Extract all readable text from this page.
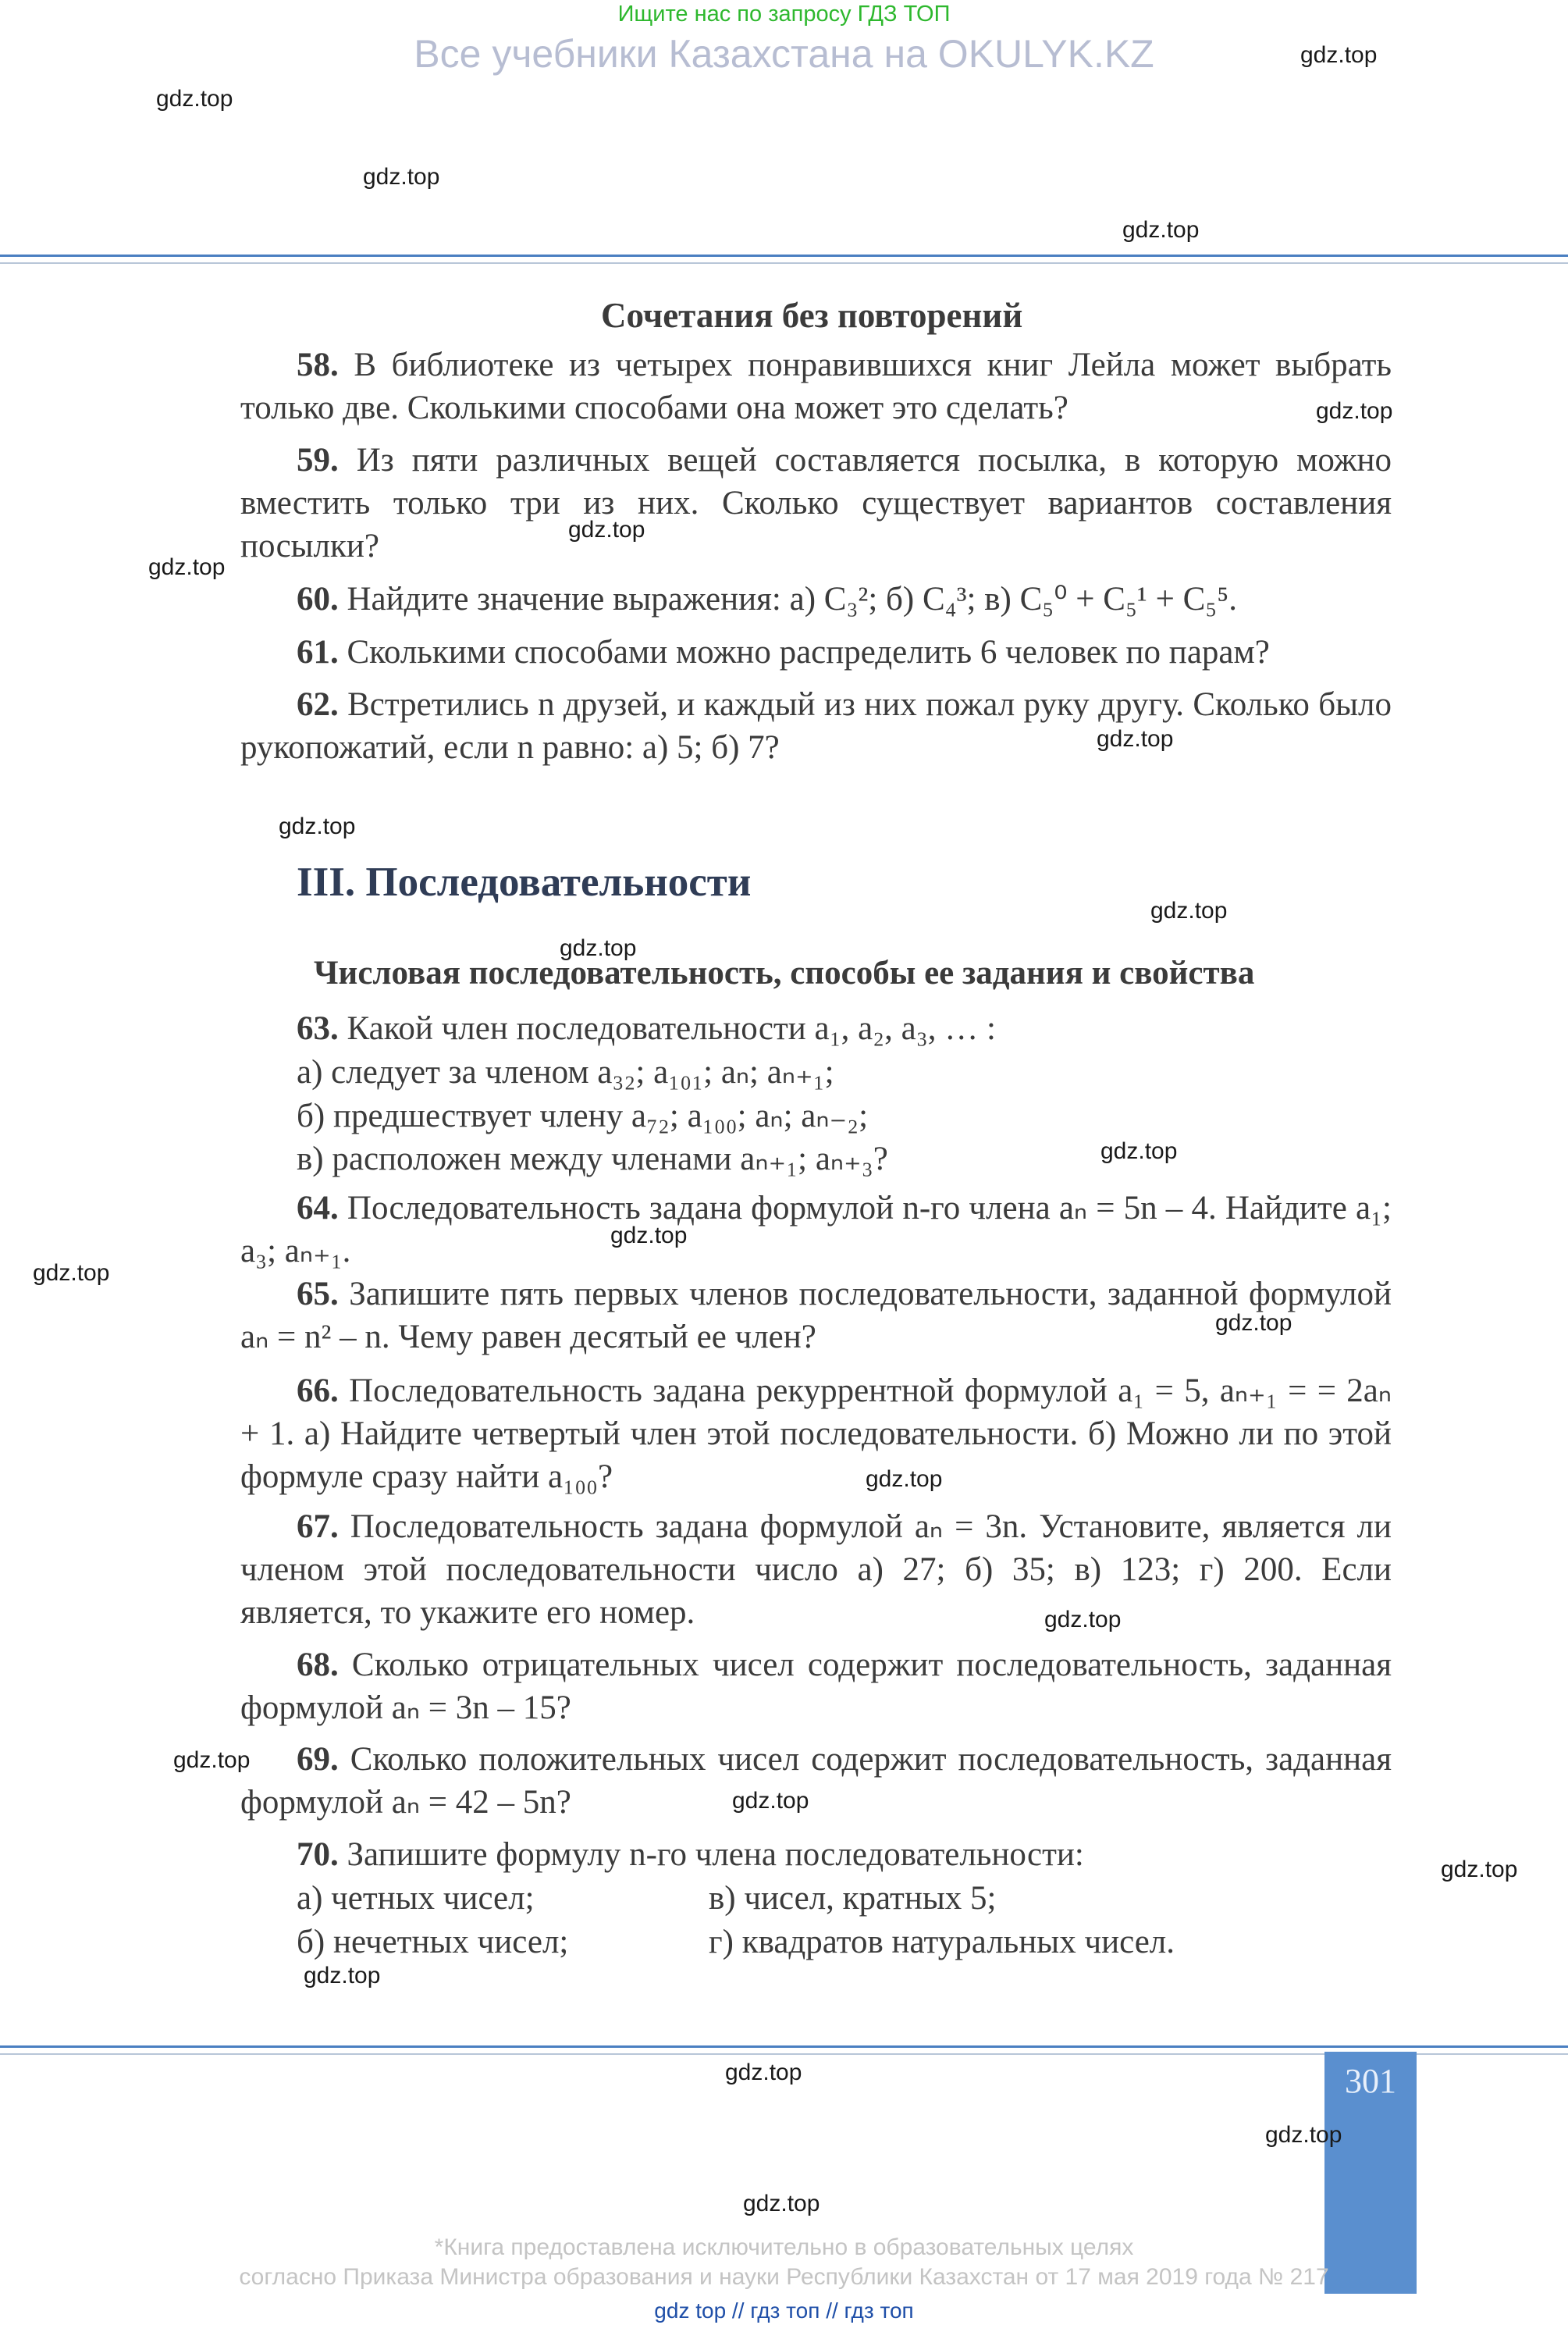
Ищите нас по запросу ГДЗ ТОП
Все учебники Казахстана на OKULYK.KZ
Сочетания без повторений
58. В библиотеке из четырех понравившихся книг Лейла может выбрать только две. Сколькими способами она может это сделать?
59. Из пяти различных вещей составляется посылка, в которую можно вместить только три из них. Сколько существует вариантов составления посылки?
60. Найдите значение выражения: а) C₃²; б) C₄³; в) C₅⁰ + C₅¹ + C₅⁵.
61. Сколькими способами можно распределить 6 человек по парам?
62. Встретились n друзей, и каждый из них пожал руку другу. Сколько было рукопожатий, если n равно: а) 5; б) 7?
III. Последовательности
Числовая последовательность, способы ее задания и свойства
63. Какой член последовательности a₁, a₂, a₃, … :
а) следует за членом a₃₂; a₁₀₁; aₙ; aₙ₊₁;
б) предшествует члену a₇₂; a₁₀₀; aₙ; aₙ₋₂;
в) расположен между членами aₙ₊₁; aₙ₊₃?
64. Последовательность задана формулой n-го члена aₙ = 5n – 4. Найдите a₁; a₃; aₙ₊₁.
65. Запишите пять первых членов последовательности, заданной формулой aₙ = n² – n. Чему равен десятый ее член?
66. Последовательность задана рекуррентной формулой a₁ = 5, aₙ₊₁ = = 2aₙ + 1. а) Найдите четвертый член этой последовательности. б) Можно ли по этой формуле сразу найти a₁₀₀?
67. Последовательность задана формулой aₙ = 3n. Установите, является ли членом этой последовательности число а) 27; б) 35; в) 123; г) 200. Если является, то укажите его номер.
68. Сколько отрицательных чисел содержит последовательность, заданная формулой aₙ = 3n – 15?
69. Сколько положительных чисел содержит последовательность, заданная формулой aₙ = 42 – 5n?
70. Запишите формулу n-го члена последовательности:
а) четных чисел;	в) чисел, кратных 5;
б) нечетных чисел;	г) квадратов натуральных чисел.
301
*Книга предоставлена исключительно в образовательных целях
согласно Приказа Министра образования и науки Республики Казахстан от 17 мая 2019 года № 217
gdz top // гдз топ // гдз топ
gdz.top
gdz.top
gdz.top
gdz.top
gdz.top
gdz.top
gdz.top
gdz.top
gdz.top
gdz.top
gdz.top
gdz.top
gdz.top
gdz.top
gdz.top
gdz.top
gdz.top
gdz.top
gdz.top
gdz.top
gdz.top
gdz.top
gdz.top
gdz.top
